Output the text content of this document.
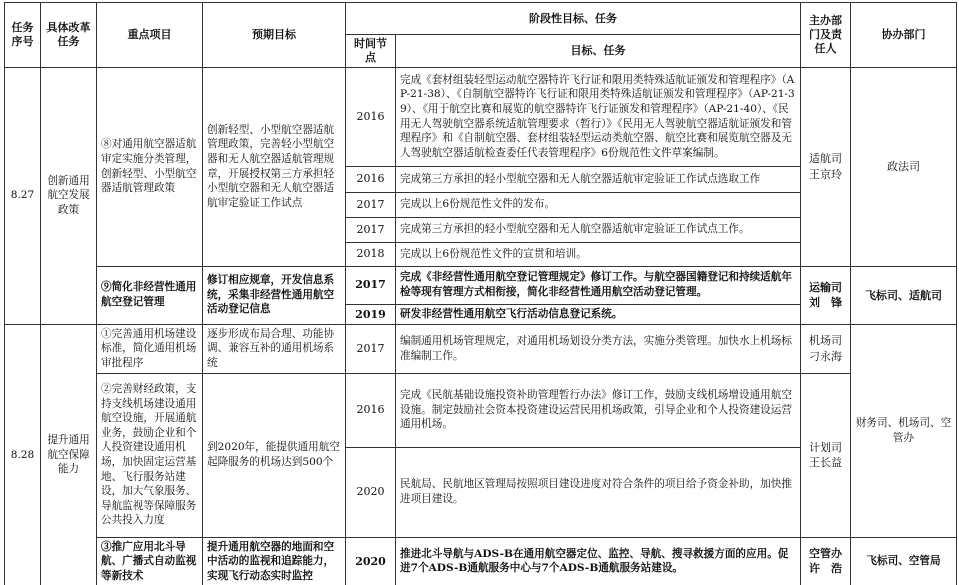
任务序号	具体改革任务	重点项目	预期目标	阶段性目标、任务		主办部门及责任人	协办部门
				时间节点	目标、任务		
8.27	创新通用航空发展政策	⑧对通用航空器适航审定实施分类管理，创新轻型、小型航空器适航管理政策	创新轻型、小型航空器适航管理政策，完善轻小型航空器和无人航空器适航管理规章，开展授权第三方承担轻小型航空器和无人航空器适航审定验证工作试点	2016	完成《套材组装轻型运动航空器特许飞行证和限用类特殊适航证颁发和管理程序》（AP-21-38）、《自制航空器特许飞行证和限用类特殊适航证颁发和管理程序》（AP-21-39）、《用于航空比赛和展览的航空器特许飞行证颁发和管理程序》（AP-21-40）、《民用无人驾驶航空器系统适航管理要求（暂行）》《民用无人驾驶航空器适航证颁发和管理程序》和《自制航空器、套材组装轻型运动类航空器、航空比赛和展览航空器及无人驾驶航空器适航检查委任代表管理程序》6份规范性文件草案编制。	适航司
王京玲	政法司
				2016	完成第三方承担的轻小型航空器和无人航空器适航审定验证工作试点选取工作		
				2017	完成以上6份规范性文件的发布。		
				2017	完成第三方承担的轻小型航空器和无人航空器适航审定验证工作试点工作。		
				2018	完成以上6份规范性文件的宣贯和培训。		
		⑨简化非经营性通用航空登记管理	修订相应规章，开发信息系统，采集非经营性通用航空活动登记信息	2017	完成《非经营性通用航空登记管理规定》修订工作。与航空器国籍登记和持续适航年检等现有管理方式相衔接，简化非经营性通用航空活动登记管理。	运输司
刘　锋	飞标司、适航司
				2019	研发非经营性通用航空飞行活动信息登记系统。		
8.28	提升通用航空保障能力	①完善通用机场建设标准，简化通用机场审批程序	逐步形成布局合理、功能协调、兼容互补的通用机场系统	2017	编制通用机场管理规定，对通用机场划设分类方法，实施分类管理。加快水上机场标准编制工作。	机场司
刁永海	财务司、机场司、空管办
		②完善财经政策，支持支线机场建设通用航空设施，开展通航业务，鼓励企业和个人投资建设通用机场，加快固定运营基地、飞行服务站建设，加大气象服务、导航监视等保障服务公共投入力度	到2020年，能提供通用航空起降服务的机场达到500个	2016	完成《民航基础设施投资补助管理暂行办法》修订工作，鼓励支线机场增设通用航空设施。制定鼓励社会资本投资建设运营民用机场政策，引导企业和个人投资建设运营通用机场。	计划司
王长益	
				2020	民航局、民航地区管理局按照项目建设进度对符合条件的项目给予资金补助，加快推进项目建设。		
		③推广应用北斗导航、广播式自动监视等新技术	提升通用航空器的地面和空中活动的监视和追踪能力，实现飞行动态实时监控	2020	推进北斗导航与ADS-B在通用航空器定位、监控、导航、搜寻救援方面的应用。促进7个ADS-B通航服务中心与7个ADS-B通航服务站建设。	空管办
许　浩	飞标司、空管局
